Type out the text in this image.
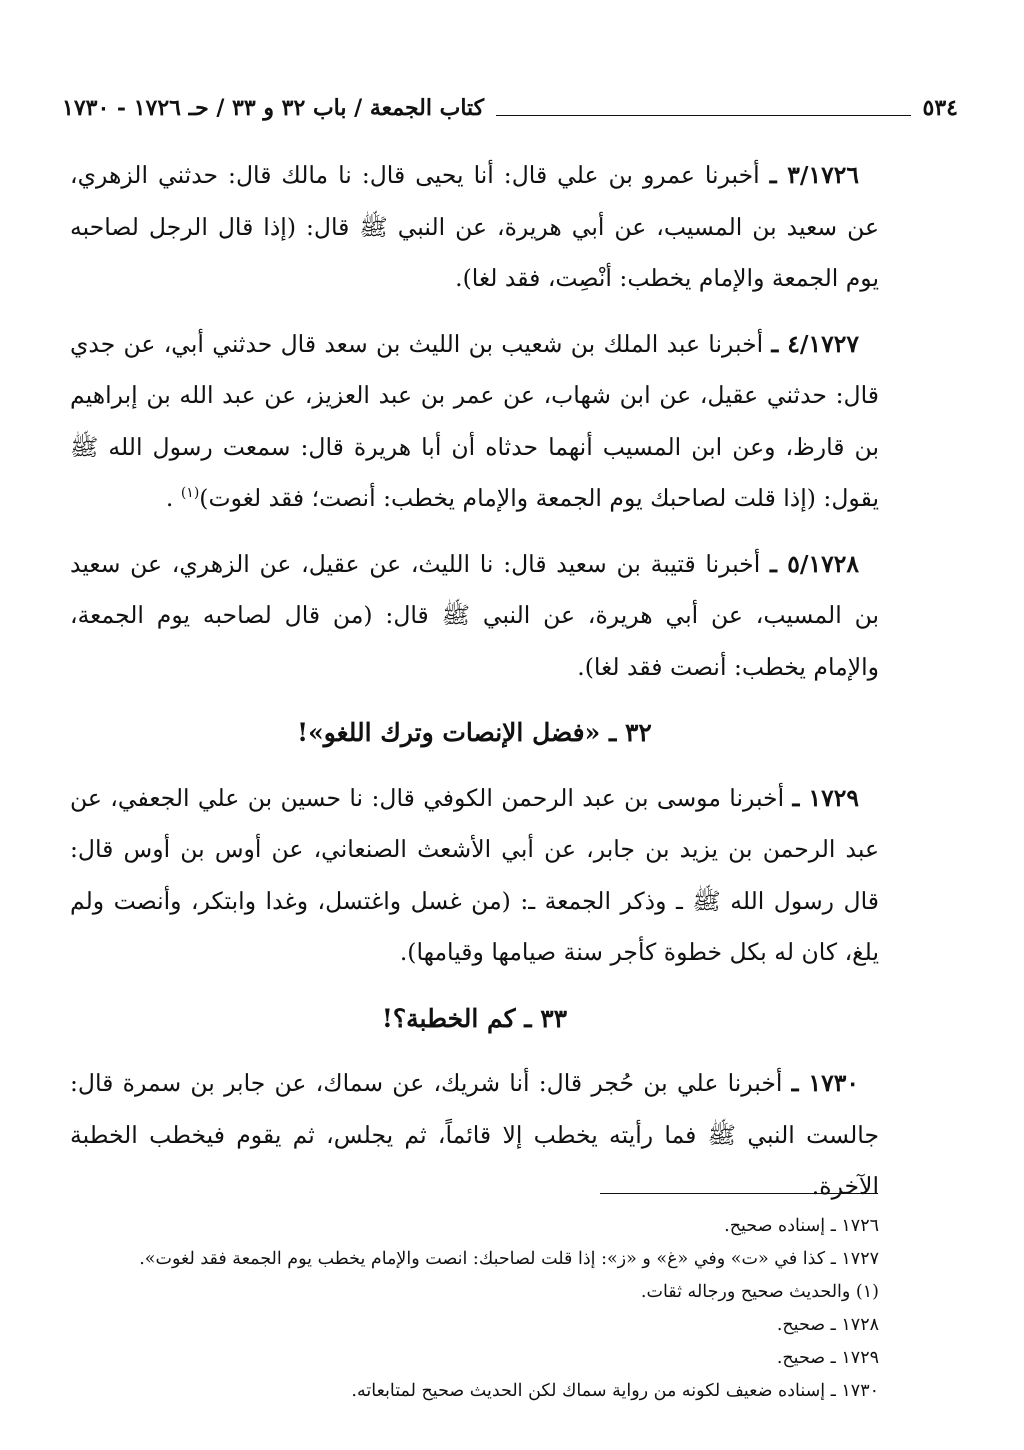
٥٣٤
كتاب الجمعة / باب ٣٢ و ٣٣ / حـ ١٧٢٦ - ١٧٣٠

٣/١٧٢٦ ـ أخبرنا عمرو بن علي قال: أنا يحيى قال: نا مالك قال: حدثني الزهري، عن سعيد بن المسيب، عن أبي هريرة، عن النبي ﷺ قال: (إذا قال الرجل لصاحبه يوم الجمعة والإمام يخطب: أنْصِت، فقد لغا).

٤/١٧٢٧ ـ أخبرنا عبد الملك بن شعيب بن الليث بن سعد قال حدثني أبي، عن جدي قال: حدثني عقيل، عن ابن شهاب، عن عمر بن عبد العزيز، عن عبد الله بن إبراهيم بن قارظ، وعن ابن المسيب أنهما حدثاه أن أبا هريرة قال: سمعت رسول الله ﷺ يقول: (إذا قلت لصاحبك يوم الجمعة والإمام يخطب: أنصت؛ فقد لغوت)$^{(١)}$ .

٥/١٧٢٨ ـ أخبرنا قتيبة بن سعيد قال: نا الليث، عن عقيل، عن الزهري، عن سعيد بن المسيب، عن أبي هريرة، عن النبي ﷺ قال: (من قال لصاحبه يوم الجمعة، والإمام يخطب: أنصت فقد لغا).

٣٢ ـ «فضل الإنصات وترك اللغو»!

١٧٢٩ ـ أخبرنا موسى بن عبد الرحمن الكوفي قال: نا حسين بن علي الجعفي، عن عبد الرحمن بن يزيد بن جابر، عن أبي الأشعث الصنعاني، عن أوس بن أوس قال: قال رسول الله ﷺ ـ وذكر الجمعة ـ: (من غسل واغتسل، وغدا وابتكر، وأنصت ولم يلغ، كان له بكل خطوة كأجر سنة صيامها وقيامها).

٣٣ ـ كم الخطبة؟!

١٧٣٠ ـ أخبرنا علي بن حُجر قال: أنا شريك، عن سماك، عن جابر بن سمرة قال: جالست النبي ﷺ فما رأيته يخطب إلا قائماً، ثم يجلس، ثم يقوم فيخطب الخطبة الآخرة.

١٧٢٦ ـ إسناده صحيح.
١٧٢٧ ـ كذا في «ت» وفي «غ» و «ز»: إذا قلت لصاحبك: انصت والإمام يخطب يوم الجمعة فقد لغوت».
(١) والحديث صحيح ورجاله ثقات.
١٧٢٨ ـ صحيح.
١٧٢٩ ـ صحيح.
١٧٣٠ ـ إسناده ضعيف لكونه من رواية سماك لكن الحديث صحيح لمتابعاته.
